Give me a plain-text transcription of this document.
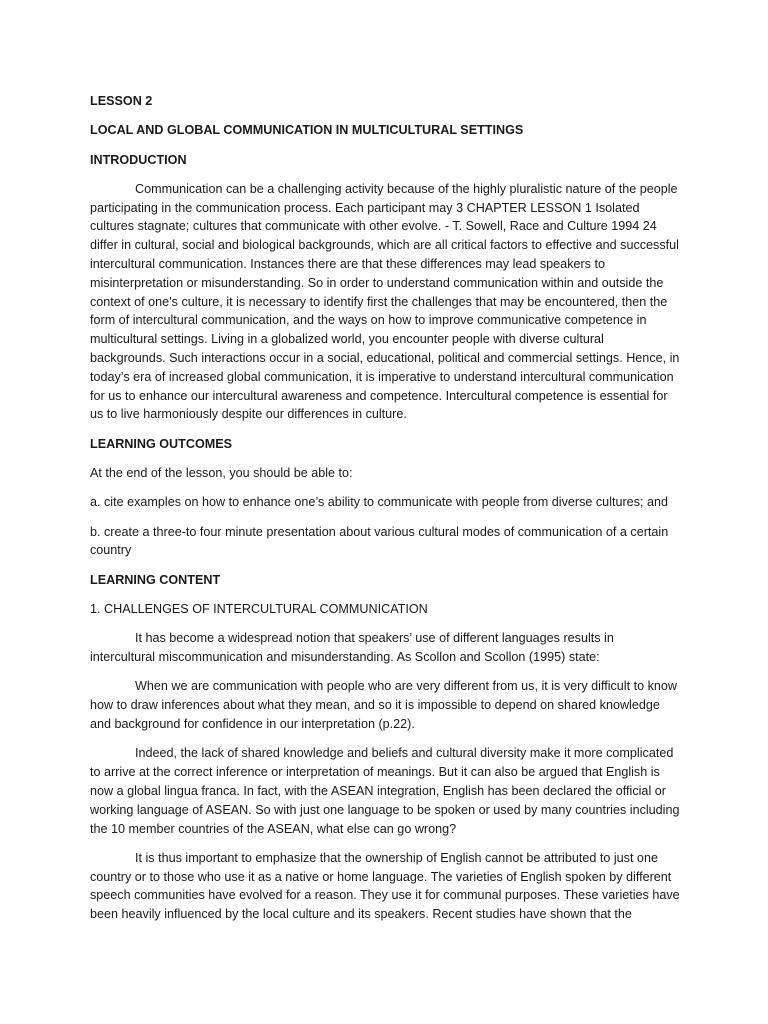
LESSON 2
LOCAL AND GLOBAL COMMUNICATION IN MULTICULTURAL SETTINGS
INTRODUCTION
Communication can be a challenging activity because of the highly pluralistic nature of the people participating in the communication process. Each participant may 3 CHAPTER LESSON 1 Isolated cultures stagnate; cultures that communicate with other evolve. - T. Sowell, Race and Culture 1994 24 differ in cultural, social and biological backgrounds, which are all critical factors to effective and successful intercultural communication. Instances there are that these differences may lead speakers to misinterpretation or misunderstanding. So in order to understand communication within and outside the context of one’s culture, it is necessary to identify first the challenges that may be encountered, then the form of intercultural communication, and the ways on how to improve communicative competence in multicultural settings. Living in a globalized world, you encounter people with diverse cultural backgrounds. Such interactions occur in a social, educational, political and commercial settings. Hence, in today’s era of increased global communication, it is imperative to understand intercultural communication for us to enhance our intercultural awareness and competence. Intercultural competence is essential for us to live harmoniously despite our differences in culture.
LEARNING OUTCOMES
At the end of the lesson, you should be able to:
a. cite examples on how to enhance one’s ability to communicate with people from diverse cultures; and
b. create a three-to four minute presentation about various cultural modes of communication of a certain country
LEARNING CONTENT
1. CHALLENGES OF INTERCULTURAL COMMUNICATION
It has become a widespread notion that speakers’ use of different languages results in intercultural miscommunication and misunderstanding. As Scollon and Scollon (1995) state:
When we are communication with people who are very different from us, it is very difficult to know how to draw inferences about what they mean, and so it is impossible to depend on shared knowledge and background for confidence in our interpretation (p.22).
Indeed, the lack of shared knowledge and beliefs and cultural diversity make it more complicated to arrive at the correct inference or interpretation of meanings. But it can also be argued that English is now a global lingua franca. In fact, with the ASEAN integration, English has been declared the official or working language of ASEAN. So with just one language to be spoken or used by many countries including the 10 member countries of the ASEAN, what else can go wrong?
It is thus important to emphasize that the ownership of English cannot be attributed to just one country or to those who use it as a native or home language. The varieties of English spoken by different speech communities have evolved for a reason. They use it for communal purposes. These varieties have been heavily influenced by the local culture and its speakers. Recent studies have shown that the
